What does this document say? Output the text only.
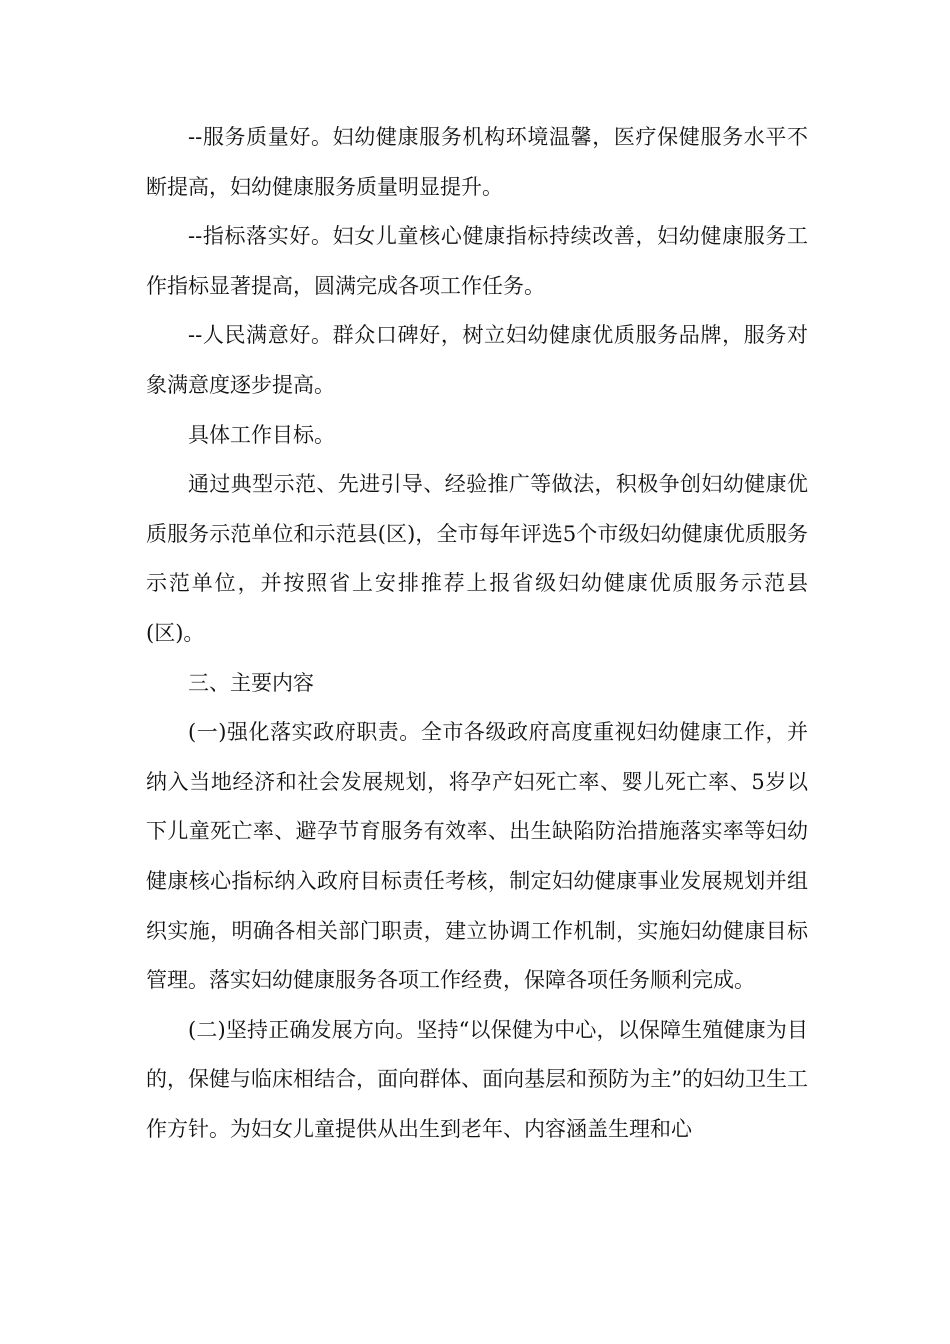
--服务质量好。妇幼健康服务机构环境温馨，医疗保健服务水平不断提高，妇幼健康服务质量明显提升。

--指标落实好。妇女儿童核心健康指标持续改善，妇幼健康服务工作指标显著提高，圆满完成各项工作任务。

--人民满意好。群众口碑好，树立妇幼健康优质服务品牌，服务对象满意度逐步提高。

具体工作目标。

通过典型示范、先进引导、经验推广等做法，积极争创妇幼健康优质服务示范单位和示范县(区)，全市每年评选5个市级妇幼健康优质服务示范单位，并按照省上安排推荐上报省级妇幼健康优质服务示范县(区)。

三、主要内容

(一)强化落实政府职责。全市各级政府高度重视妇幼健康工作，并纳入当地经济和社会发展规划，将孕产妇死亡率、婴儿死亡率、5岁以下儿童死亡率、避孕节育服务有效率、出生缺陷防治措施落实率等妇幼健康核心指标纳入政府目标责任考核，制定妇幼健康事业发展规划并组织实施，明确各相关部门职责，建立协调工作机制，实施妇幼健康目标管理。落实妇幼健康服务各项工作经费，保障各项任务顺利完成。

(二)坚持正确发展方向。坚持“以保健为中心，以保障生殖健康为目的，保健与临床相结合，面向群体、面向基层和预防为主”的妇幼卫生工作方针。为妇女儿童提供从出生到老年、内容涵盖生理和心
